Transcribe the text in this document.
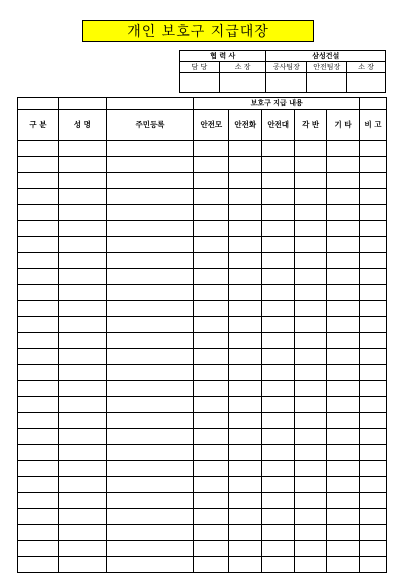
개인 보호구 지급대장
협 력 사		삼성건설		
담 당	소 장	공사팀장	안전팀장	소 장

			보호구 지급 내용					
구 분	성 명	주민등록	안전모	안전화	안전대	각 반	기 타	비 고
